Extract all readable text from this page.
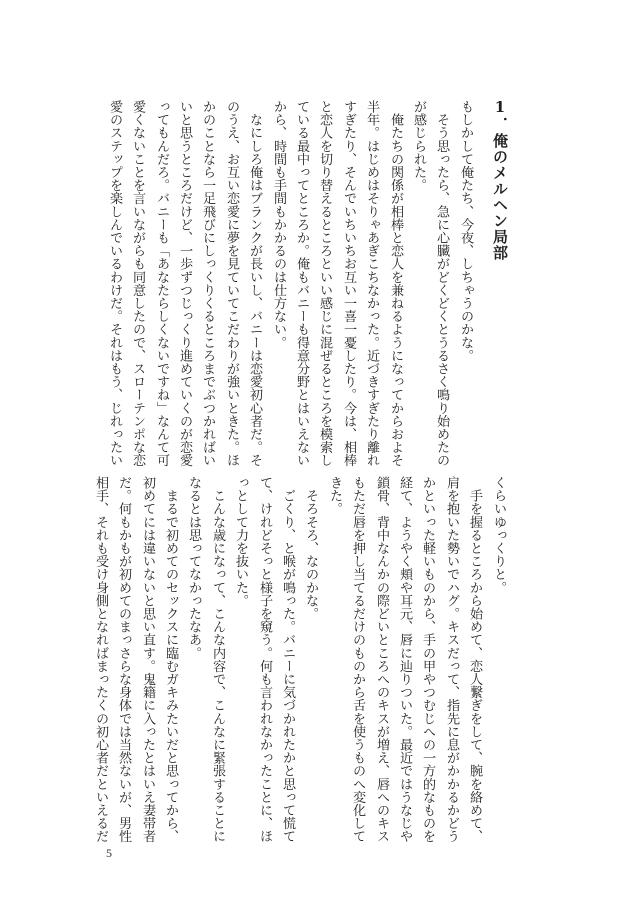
1．俺のメルヘン局部
もしかして俺たち、今夜、しちゃうのかな。
　そう思ったら、急に心臓がどくどくとうるさく鳴り始めたの
が感じられた。
　俺たちの関係が相棒と恋人を兼ねるようになってからおよそ
半年。はじめはそりゃあぎこちなかった。近づきすぎたり離れ
すぎたり、そんでいちいちお互い一喜一憂したり。今は、相棒
と恋人を切り替えるところといい感じに混ぜるところを模索し
ている最中ってところか。俺もバニーも得意分野とはいえない
から、時間も手間もかかるのは仕方ない。
　なにしろ俺はブランクが長いし、バニーは恋愛初心者だ。そ
のうえ、お互い恋愛に夢を見ていてこだわりが強いときた。ほ
かのことなら一足飛びにしっくりくるところまでぶつかればい
いと思うところだけど、一歩ずつじっくり進めていくのが恋愛
ってもんだろ。バニーも「あなたらしくないですね」なんて可
愛くないことを言いながらも同意したので、スローテンポな恋
愛のステップを楽しんでいるわけだ。それはもう、じれったい
くらいゆっくりと。
　手を握るところから始めて、恋人繋ぎをして、腕を絡めて、
肩を抱いた勢いでハグ。キスだって、指先に息がかかるかどう
かといった軽いものから、手の甲やつむじへの一方的なものを
経て、ようやく頬や耳元、唇に辿りついた。最近ではうなじや
鎖骨、背中なんかの際どいところへのキスが増え、唇へのキス
もただ唇を押し当てるだけのものから舌を使うものへ変化して
きた。
　そろそろ、なのかな。
　ごくり、と喉が鳴った。バニーに気づかれたかと思って慌て
て、けれどそっと様子を窺う。何も言われなかったことに、ほ
っとして力を抜いた。
　こんな歳になって、こんな内容で、こんなに緊張することに
なるとは思ってなかったなあ。
　まるで初めてのセックスに臨むガキみたいだと思ってから、
初めてには違いないと思い直す。鬼籍に入ったとはいえ妻帯者
だ。何もかもが初めてのまっさらな身体では当然ないが、男性
相手、それも受け身側となればまったくの初心者だといえるだ
5
